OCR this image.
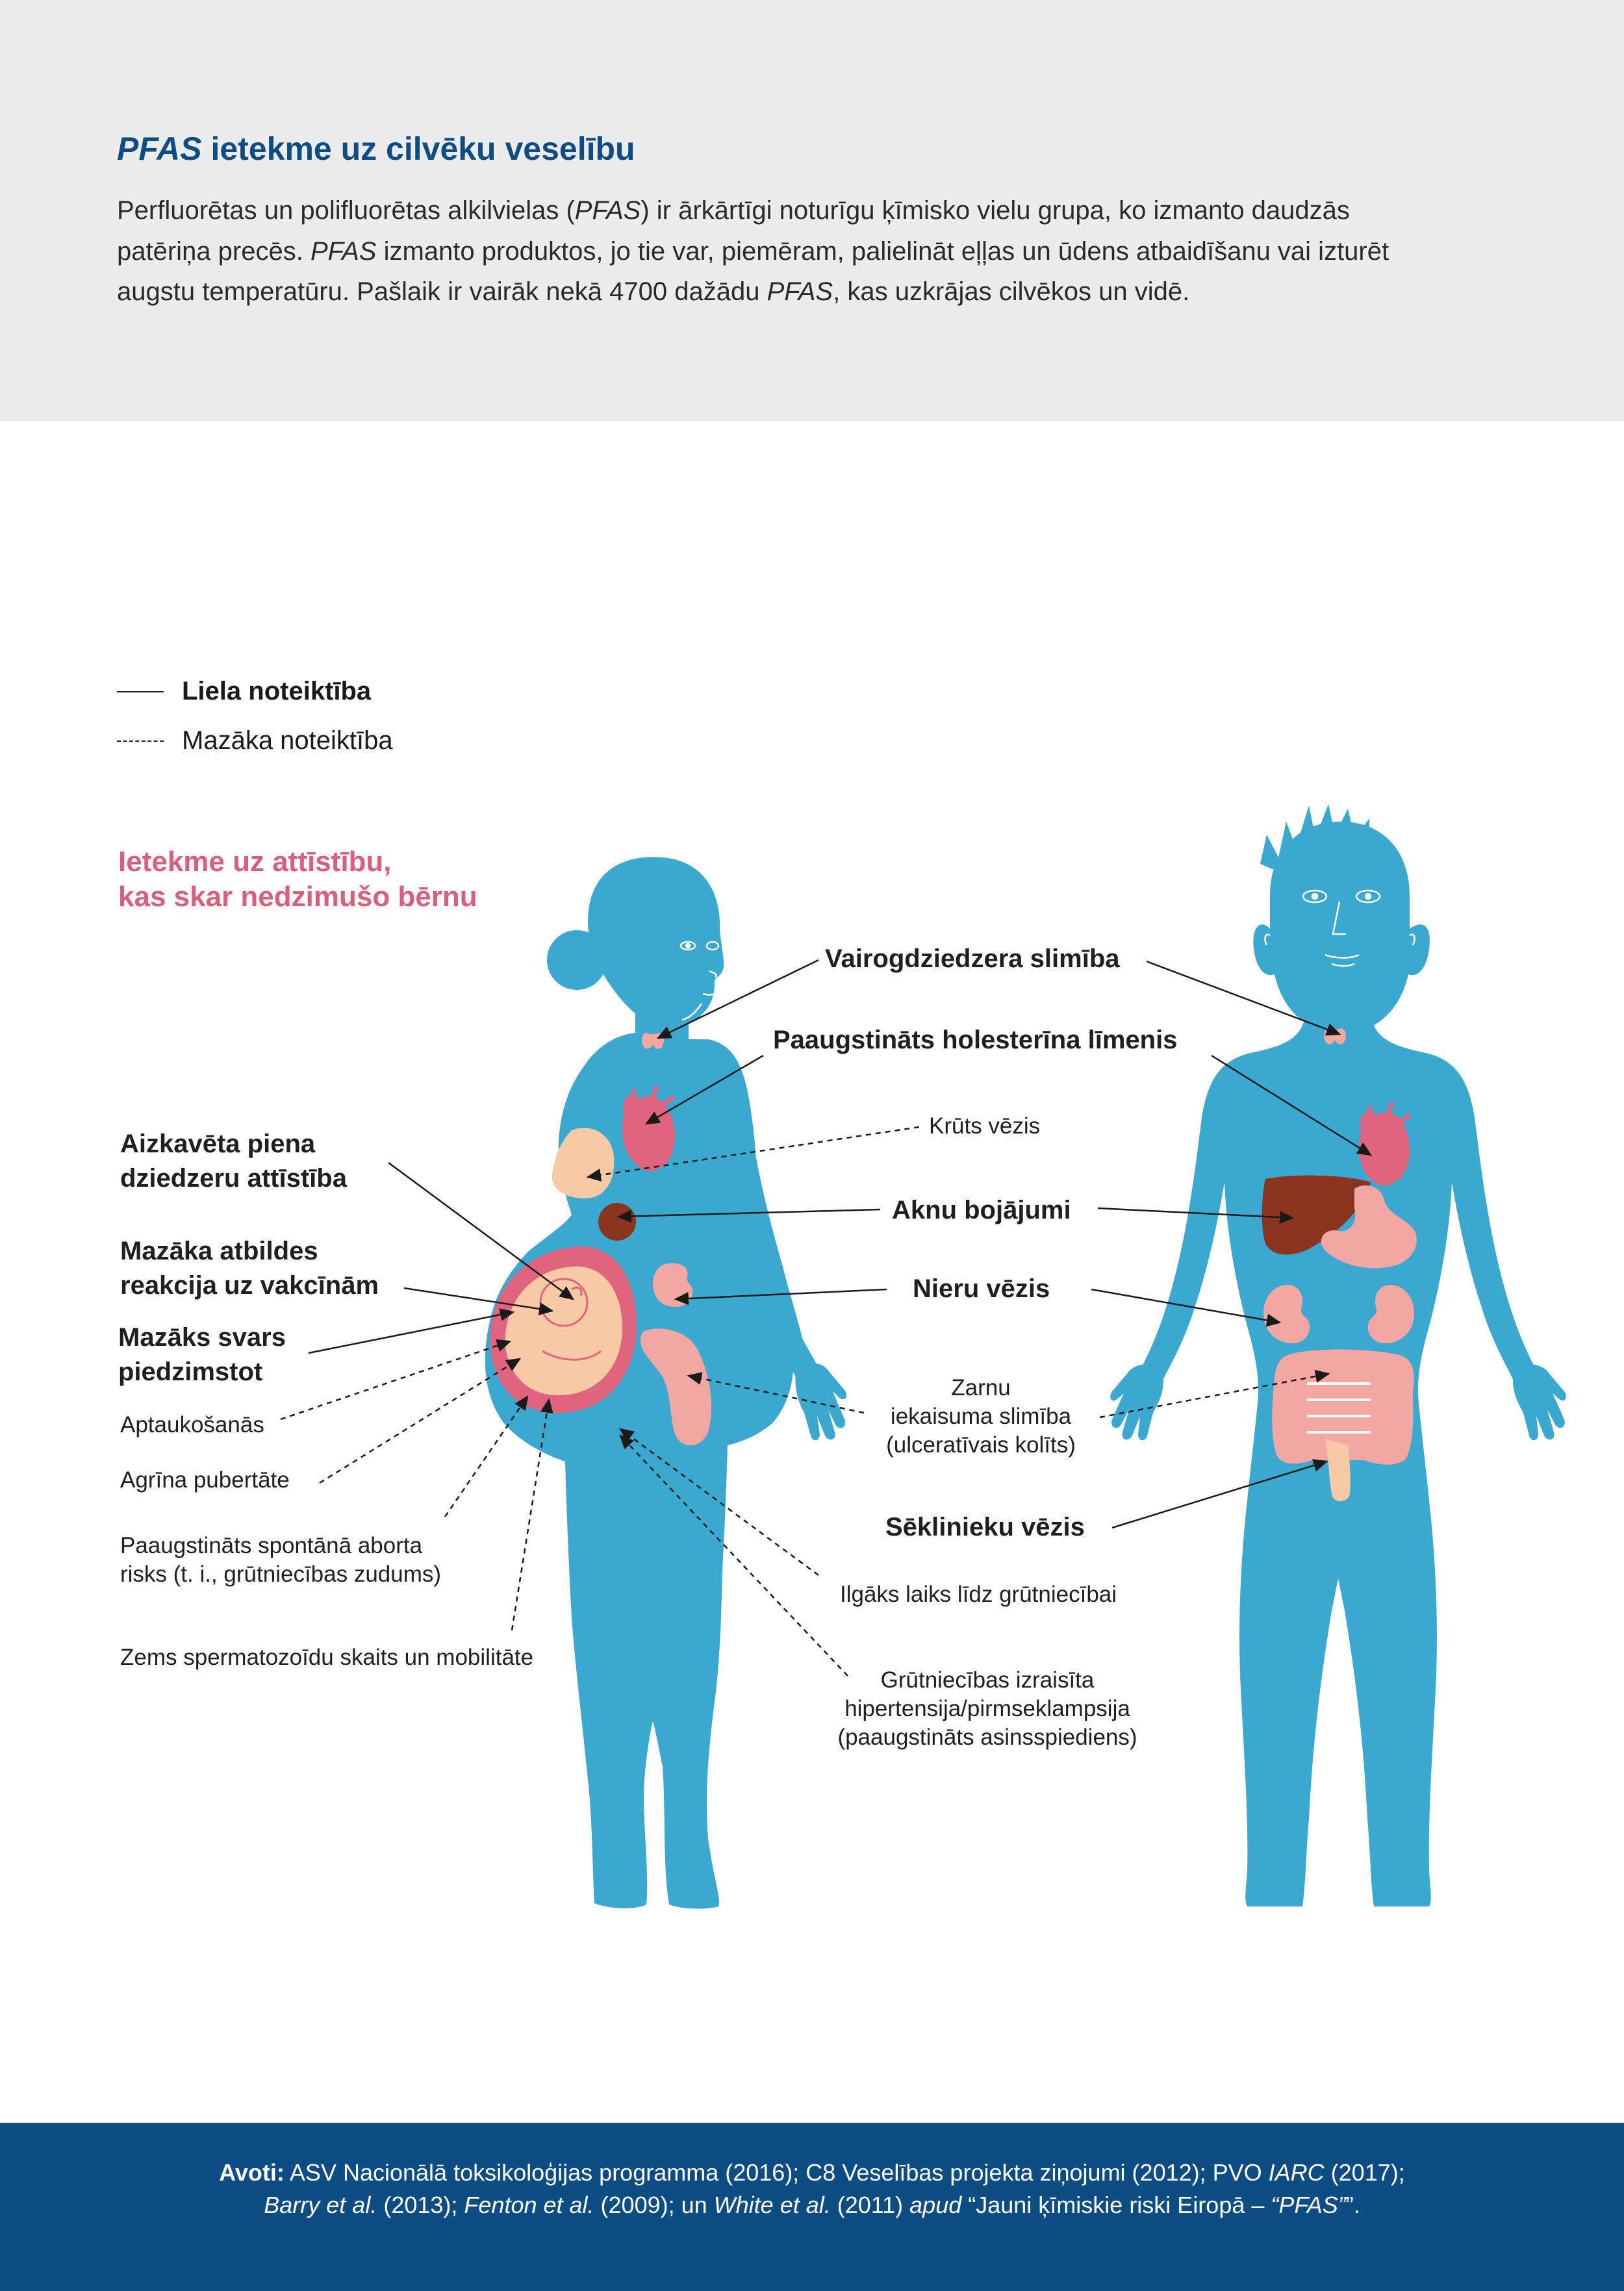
PFAS ietekme uz cilvēku veselību
Perfluorētas un polifluorētas alkilvielas (PFAS) ir ārkārtīgi noturīgu ķīmisko vielu grupa, ko izmanto daudzās patēriņa precēs. PFAS izmanto produktos, jo tie var, piemēram, palielināt eļļas un ūdens atbaidīšanu vai izturēt augstu temperatūru. Pašlaik ir vairāk nekā 4700 dažādu PFAS, kas uzkrājas cilvēkos un vidē.
Liela noteiktība
Mazāka noteiktība
Ietekme uz attīstību,
kas skar nedzimušo bērnu
Vairogdziedzera slimība
Paaugstināts holesterīna līmenis
Krūts vēzis
Aknu bojājumi
Nieru vēzis
Zarnu
iekaisuma slimība
(ulceratīvais kolīts)
Sēklinieku vēzis
Ilgāks laiks līdz grūtniecībai
Grūtniecības izraisīta
hipertensija/pirmseklampsija
(paaugstināts asinsspiediens)
Aizkavēta piena
dziedzeru attīstība
Mazāka atbildes
reakcija uz vakcīnām
Mazāks svars
piedzimstot
Aptaukošanās
Agrīna pubertāte
Paaugstināts spontānā aborta
risks (t. i., grūtniecības zudums)
Zems spermatozoīdu skaits un mobilitāte
Avoti: ASV Nacionālā toksikoloģijas programma (2016); C8 Veselības projekta ziņojumi (2012); PVO IARC (2017);
Barry et al. (2013); Fenton et al. (2009); un White et al. (2011) apud “Jauni ķīmiskie riski Eiropā – “PFAS””.
